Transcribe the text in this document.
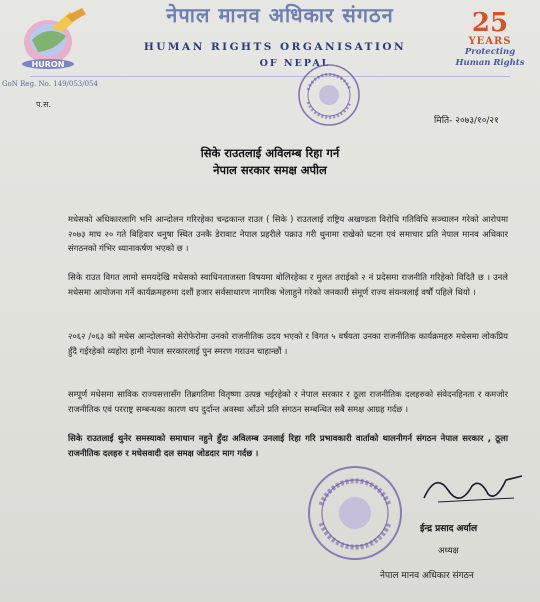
HURON
GoN Reg. No. 149/053/054
प.स.
नेपाल मानव अधिकार संगठन
HUMAN RIGHTS ORGANISATION
OF NEPAL
25
YEARS
Protecting
Human Rights
मिति- २०७३/१०/२१
सिके राउतलाई अविलम्ब रिहा गर्न
नेपाल सरकार समक्ष अपील
मधेसको अधिकारलागि भनि आन्दोलन गरिरहेका चन्द्रकान्त राउत ( सिके ) राउतलाई राष्ट्रिय अखण्डता विरोधि गतिविधि सञ्चालन गरेको आरोपमा २०७३ माघ २० गते बिहिवार धनुषा स्थित उनकै डेरावाट नेपाल प्रहरीले पक्राउ गरी थुनामा राखेको घटना एवं समाचार प्रति नेपाल मानव अधिकार संगठनको गंभिर ध्यानाकर्षण भएको छ ।
सिके राउत विगत लामो समयदेखि मधेसको स्वाधिनताजस्ता विषयमा बोलिरहेका र मुलत तराईको २ नं प्रदेसमा राजनीति गरिहेको विदितै छ । उनले मधेसमा आयोजना गर्ने कार्यक्रमहरुमा दशौं हजार सर्वसाधारण नागरिक भेलाहुने गरेको जनकारी संमूर्ण राज्य संयन्त्रलाई वर्षौं पहिले थियो ।
२०६२ /०६३ को मधेस आन्दोलनको सेरोफेरोमा उनको राजनीतिक उदय भएको र विगत ५ वर्षयता उनका राजनीतिक कार्यक्रमहरु मधेसमा लोकप्रिय हुँदै गईरहेको व्यहोरा हामी नेपाल सरकारलाई पुन स्मरण गराउन चाहान्छौं ।
सम्पूर्ण मधेसमा साविक राज्यसत्तासँग तिब्रगतिमा वितृष्णा उत्पन्न भईरहेको र नेपाल सरकार र ठूला राजनीतिक दलहरुको संवेदनहिनता र कमजोर राजनीतिक एवं परराष्ट्र सम्बन्धका कारण थप दुर्दान्त अवस्था आँउने प्रति संगठन सम्बन्धित सबै समक्ष आग्रह गर्दछ ।
सिके राउतलाई थुनेर समस्याको समाधान नहुने हुँदा अविलम्ब उनलाई रिहा गरि प्रभावकारी वार्ताको थालनीगर्न संगठन नेपाल सरकार , ठूला राजनीतिक दलहरु र मधेसवादी दल समक्ष जोडदार माग गर्दछ ।
ईन्द्र प्रसाद अर्याल
अध्यक्ष
नेपाल मानव अधिकार संगठन
